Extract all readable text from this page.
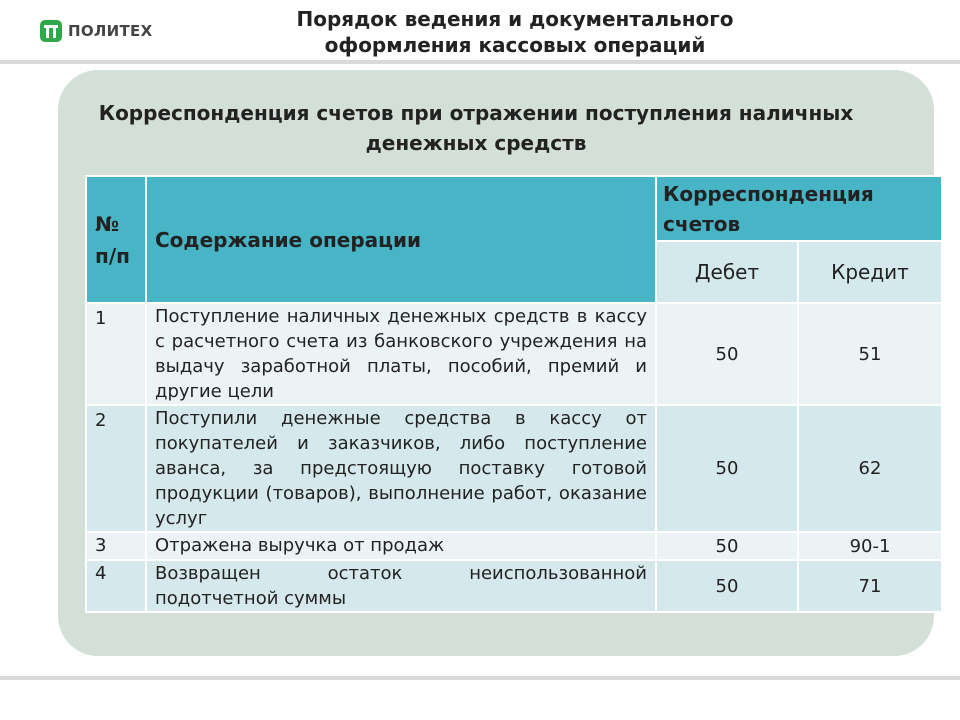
ПОЛИТЕХ	Порядок ведения и документального оформления кассовых операций
Корреспонденция счетов при отражении поступления наличных денежных средств
№ п/п	Содержание операции	Корреспонденция счетов	
		Дебет	Кредит
1	Поступление наличных денежных средств в кассу с расчетного счета из банковского учреждения на выдачу заработной платы, пособий, премий и другие цели	50	51
2	Поступили денежные средства в кассу от покупателей и заказчиков, либо поступление аванса, за предстоящую поставку готовой продукции (товаров), выполнение работ, оказание услуг	50	62
3	Отражена выручка от продаж	50	90-1
4	Возвращен остаток неиспользованной подотчетной суммы	50	71
